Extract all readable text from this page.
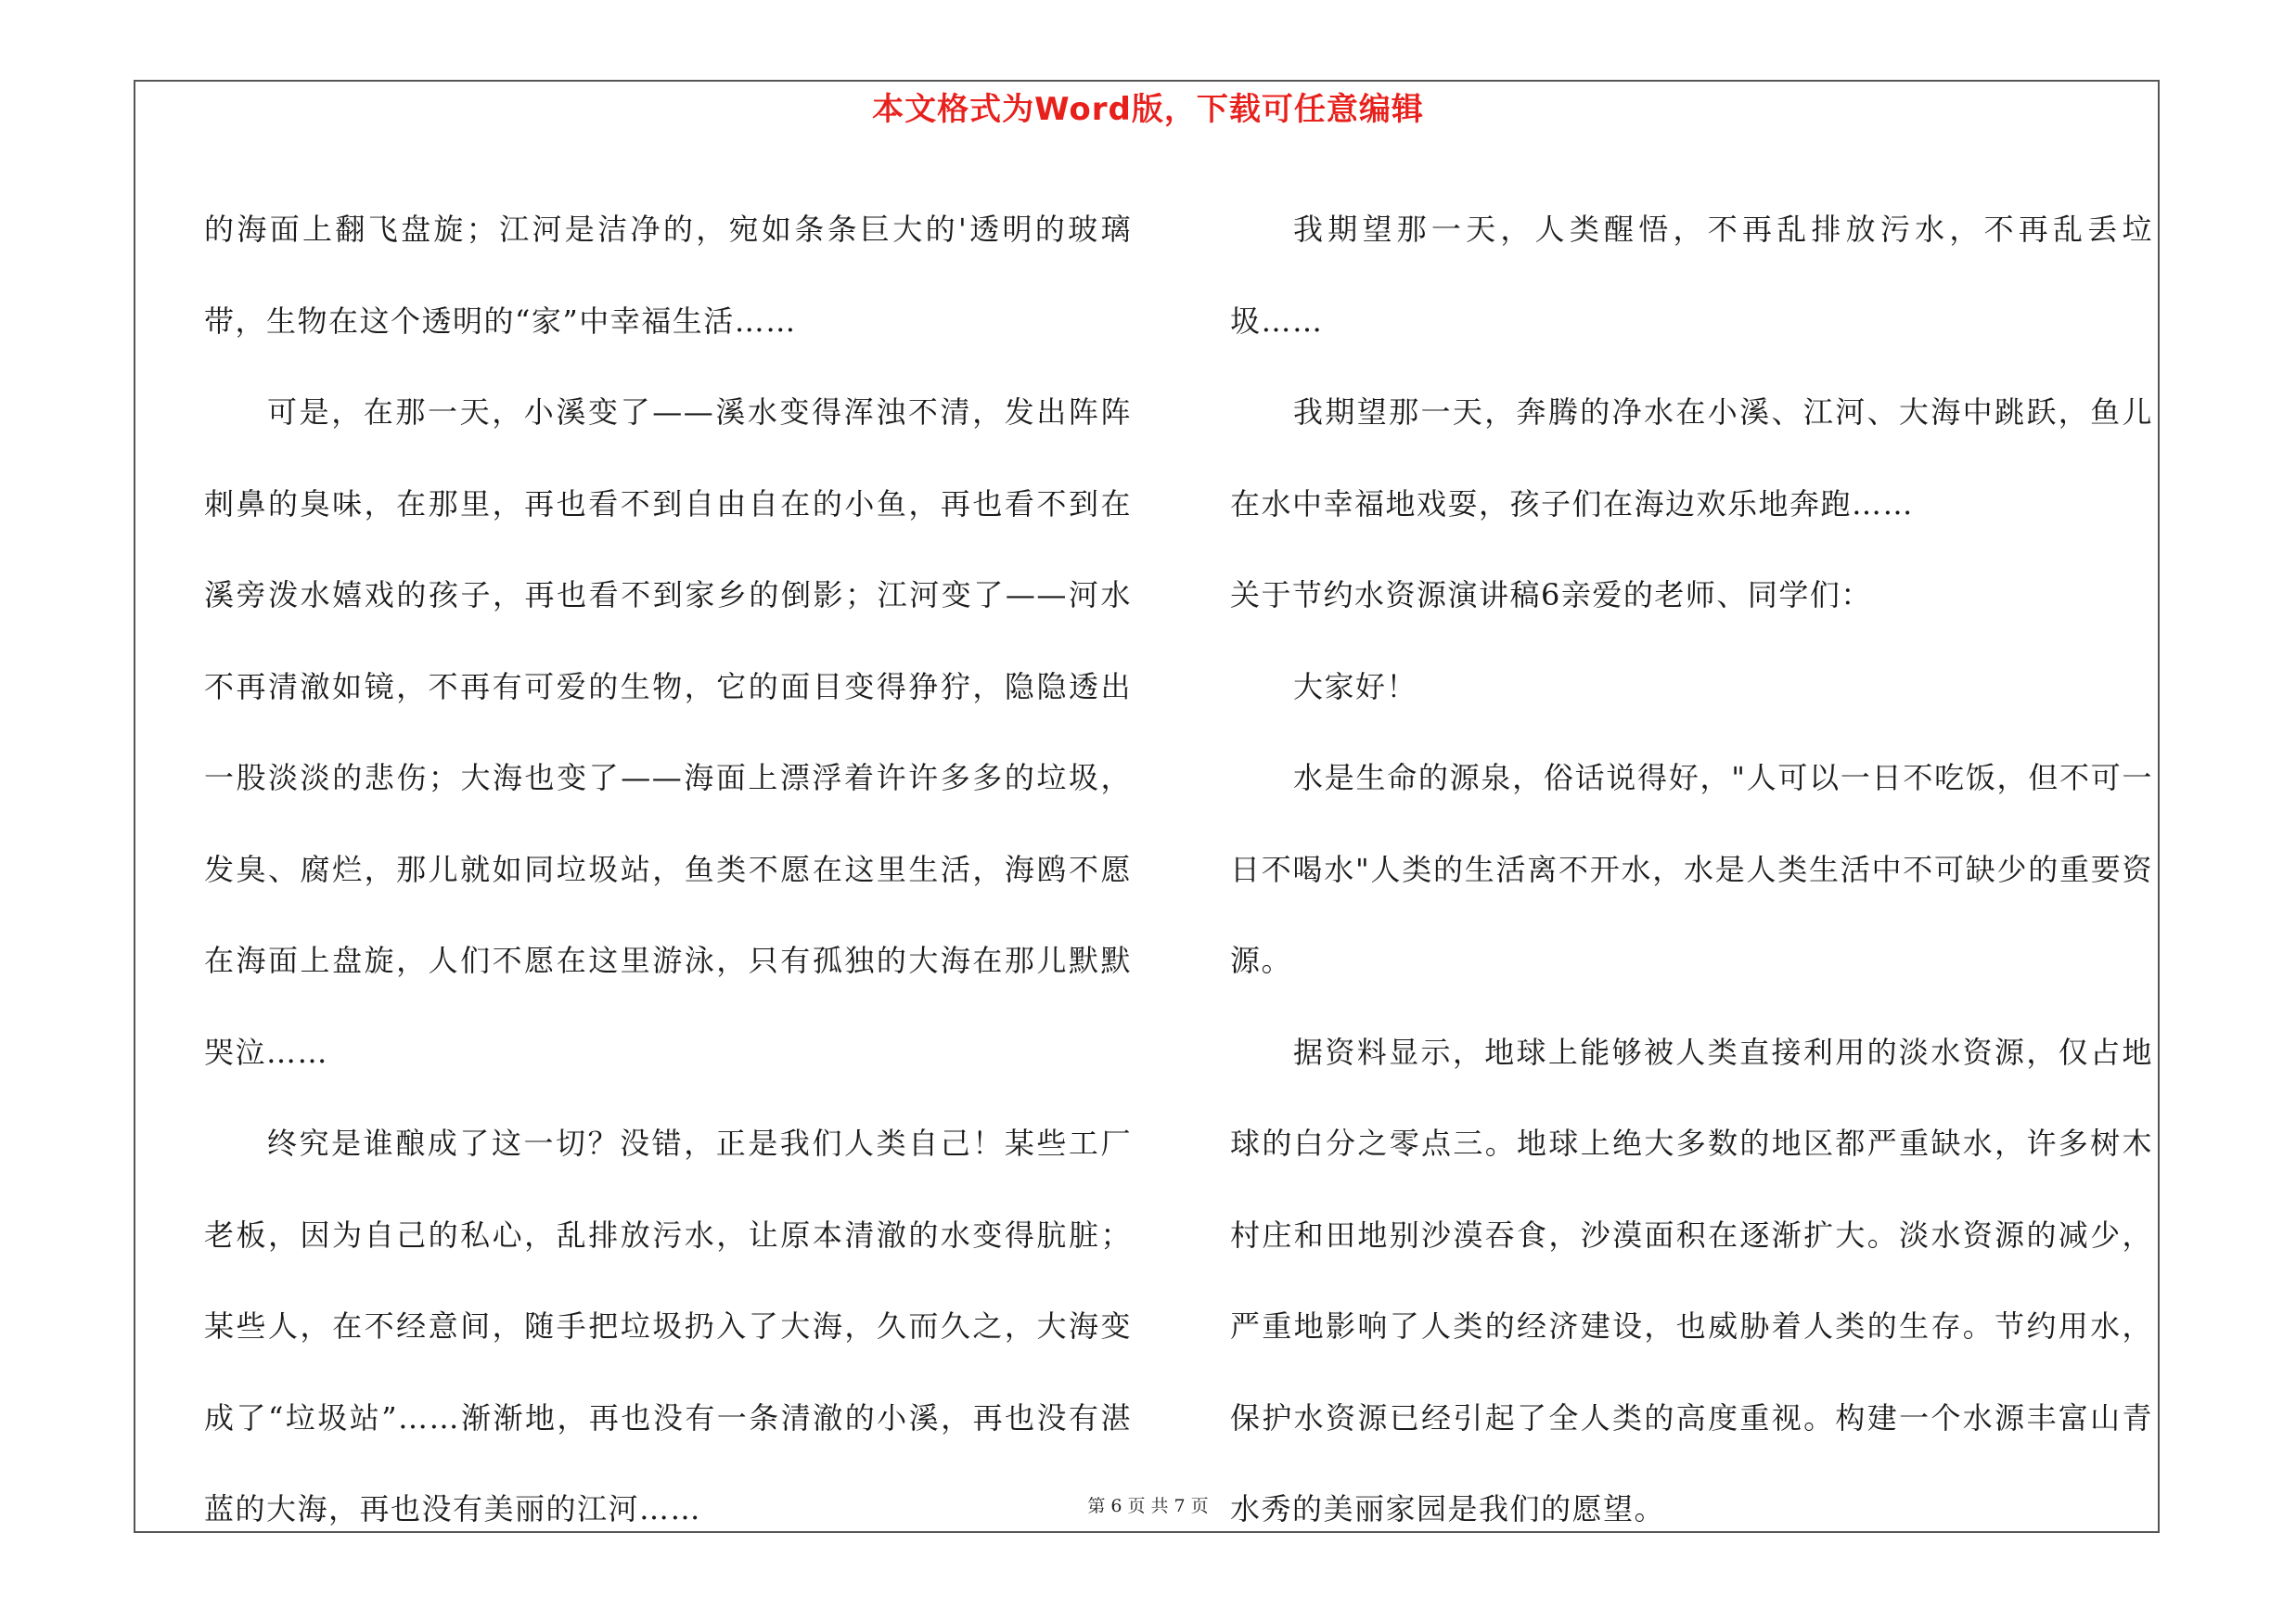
本文格式为Word版，下载可任意编辑

的海面上翻飞盘旋；江河是洁净的，宛如条条巨大的'透明的玻璃带，生物在这个透明的“家”中幸福生活……

可是，在那一天，小溪变了——溪水变得浑浊不清，发出阵阵刺鼻的臭味，在那里，再也看不到自由自在的小鱼，再也看不到在溪旁泼水嬉戏的孩子，再也看不到家乡的倒影；江河变了——河水不再清澈如镜，不再有可爱的生物，它的面目变得狰狞，隐隐透出一股淡淡的悲伤；大海也变了——海面上漂浮着许许多多的垃圾，发臭、腐烂，那儿就如同垃圾站，鱼类不愿在这里生活，海鸥不愿在海面上盘旋，人们不愿在这里游泳，只有孤独的大海在那儿默默哭泣……

终究是谁酿成了这一切？没错，正是我们人类自己！某些工厂老板，因为自己的私心，乱排放污水，让原本清澈的水变得肮脏；某些人，在不经意间，随手把垃圾扔入了大海，久而久之，大海变成了“垃圾站”……渐渐地，再也没有一条清澈的小溪，再也没有湛蓝的大海，再也没有美丽的江河……

我期望那一天，人类醒悟，不再乱排放污水，不再乱丢垃圾……

我期望那一天，奔腾的净水在小溪、江河、大海中跳跃，鱼儿在水中幸福地戏耍，孩子们在海边欢乐地奔跑……

关于节约水资源演讲稿6亲爱的老师、同学们：

大家好！

水是生命的源泉，俗话说得好，"人可以一日不吃饭，但不可一日不喝水"人类的生活离不开水，水是人类生活中不可缺少的重要资源。

据资料显示，地球上能够被人类直接利用的淡水资源，仅占地球的白分之零点三。地球上绝大多数的地区都严重缺水，许多树木村庄和田地别沙漠吞食，沙漠面积在逐渐扩大。淡水资源的减少，严重地影响了人类的经济建设，也威胁着人类的生存。节约用水，保护水资源已经引起了全人类的高度重视。构建一个水源丰富山青水秀的美丽家园是我们的愿望。

第 6 页 共 7 页
